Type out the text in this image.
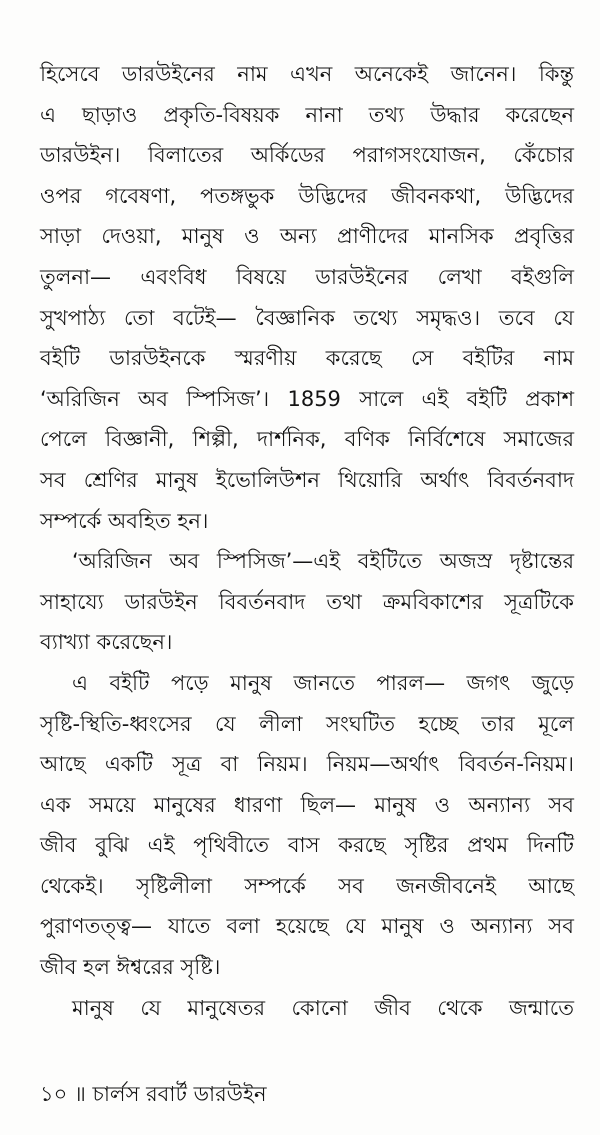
হিসেবে ডারউইনের নাম এখন অনেকেই জানেন। কিন্তু
এ ছাড়াও প্রকৃতি-বিষয়ক নানা তথ্য উদ্ধার করেছেন
ডারউইন। বিলাতের অর্কিডের পরাগসংযোজন, কেঁচোর
ওপর গবেষণা, পতঙ্গভুক উদ্ভিদের জীবনকথা, উদ্ভিদের
সাড়া দেওয়া, মানুষ ও অন্য প্রাণীদের মানসিক প্রবৃত্তির
তুলনা— এবংবিধ বিষয়ে ডারউইনের লেখা বইগুলি
সুখপাঠ্য তো বটেই— বৈজ্ঞানিক তথ্যে সমৃদ্ধও। তবে যে
বইটি ডারউইনকে স্মরণীয় করেছে সে বইটির নাম
‘অরিজিন অব স্পিসিজ’। 1859 সালে এই বইটি প্রকাশ
পেলে বিজ্ঞানী, শিল্পী, দার্শনিক, বণিক নির্বিশেষে সমাজের
সব শ্রেণির মানুষ ইভোলিউশন থিয়োরি অর্থাৎ বিবর্তনবাদ
সম্পর্কে অবহিত হন।
‘অরিজিন অব স্পিসিজ’—এই বইটিতে অজস্র দৃষ্টান্তের
সাহায্যে ডারউইন বিবর্তনবাদ তথা ক্রমবিকাশের সূত্রটিকে
ব্যাখ্যা করেছেন।
এ বইটি পড়ে মানুষ জানতে পারল— জগৎ জুড়ে
সৃষ্টি-স্থিতি-ধ্বংসের যে লীলা সংঘটিত হচ্ছে তার মূলে
আছে একটি সূত্র বা নিয়ম। নিয়ম—অর্থাৎ বিবর্তন-নিয়ম।
এক সময়ে মানুষের ধারণা ছিল— মানুষ ও অন্যান্য সব
জীব বুঝি এই পৃথিবীতে বাস করছে সৃষ্টির প্রথম দিনটি
থেকেই। সৃষ্টিলীলা সম্পর্কে সব জনজীবনেই আছে
পুরাণতত্ত্ব— যাতে বলা হয়েছে যে মানুষ ও অন্যান্য সব
জীব হল ঈশ্বরের সৃষ্টি।
মানুষ যে মানুষেতর কোনো জীব থেকে জন্মাতে
১০ ॥ চার্লস রবার্ট ডারউইন
